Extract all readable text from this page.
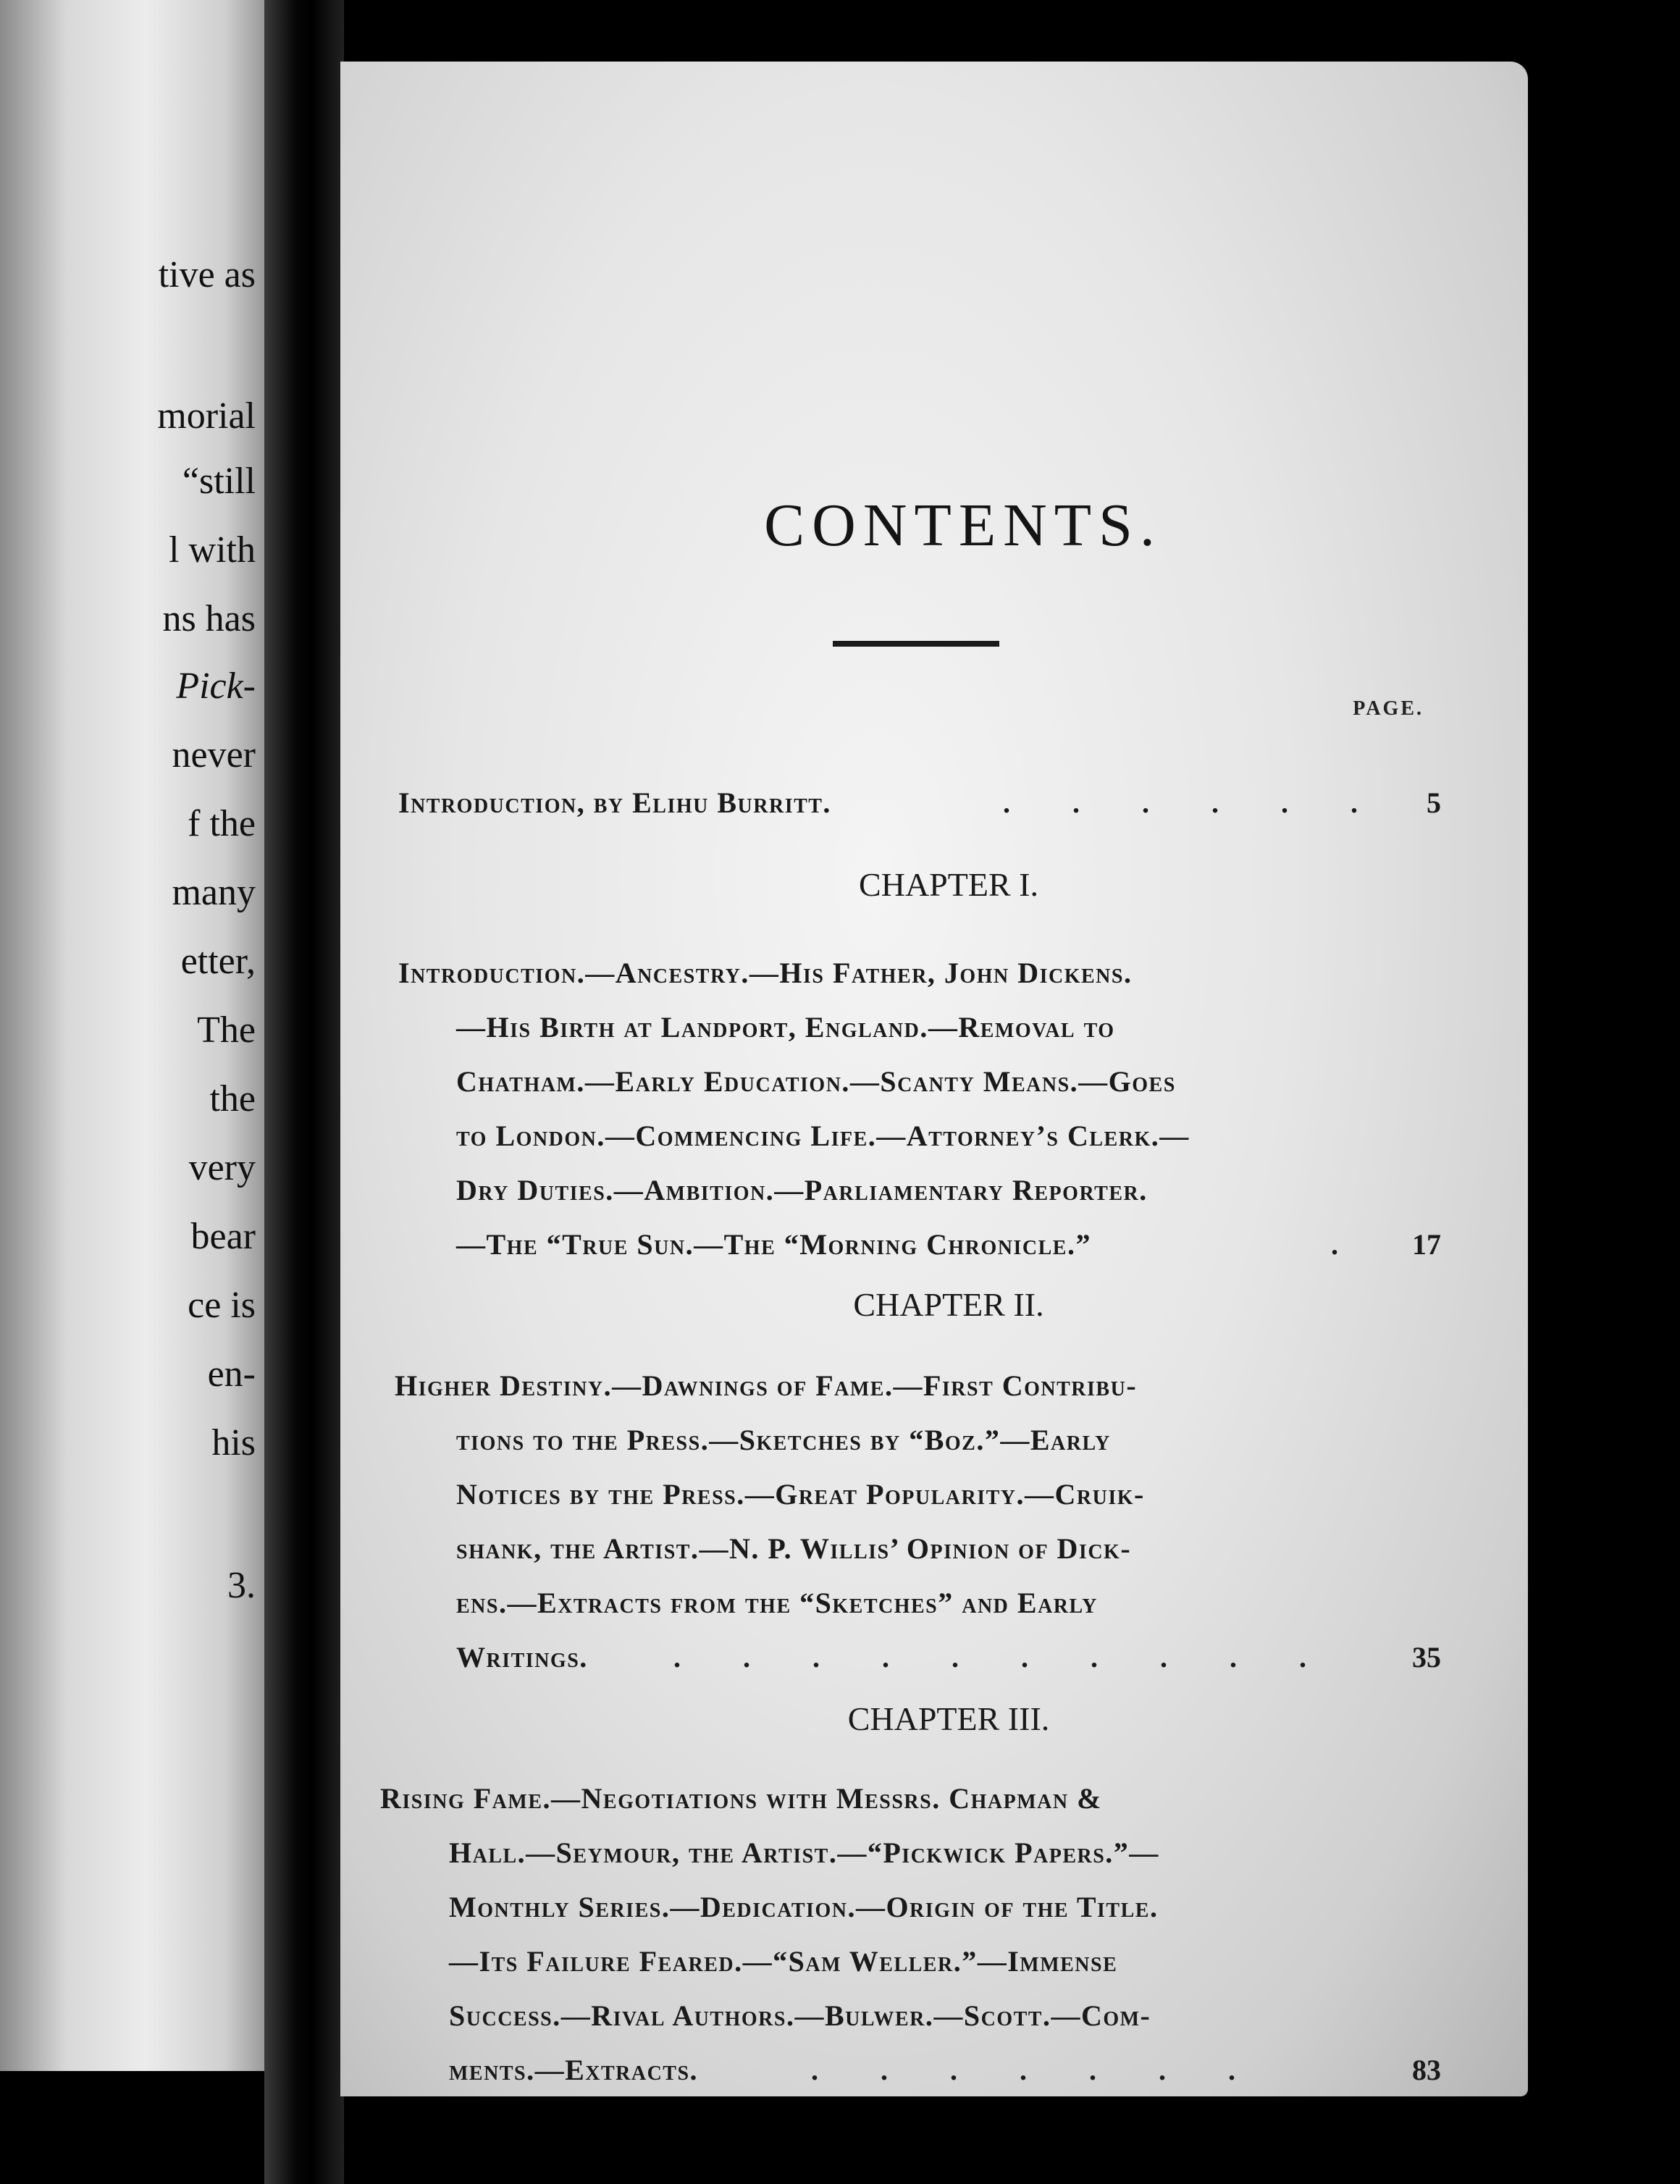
tive as
morial
“still
l with
ns has
Pick-
never
f the
many
etter,
The
the
very
bear
ce is
en-
his
3.
CONTENTS.
PAGE.
Introduction, by Elihu Burritt.	. . . . . . 5
CHAPTER I.
Introduction.—Ancestry.—His Father, John Dickens.
—His Birth at Landport, England.—Removal to
Chatham.—Early Education.—Scanty Means.—Goes
to London.—Commencing Life.—Attorney’s Clerk.—
Dry Duties.—Ambition.—Parliamentary Reporter.
—The “True Sun.—The “Morning Chronicle.”	. 17
CHAPTER II.
Higher Destiny.—Dawnings of Fame.—First Contribu-
tions to the Press.—Sketches by “Boz.”—Early
Notices by the Press.—Great Popularity.—Cruik-
shank, the Artist.—N. P. Willis’ Opinion of Dick-
ens.—Extracts from the “Sketches” and Early
Writings.	. . . . . . . . . .	35
CHAPTER III.
Rising Fame.—Negotiations with Messrs. Chapman &
Hall.—Seymour, the Artist.—“Pickwick Papers.”—
Monthly Series.—Dedication.—Origin of the Title.
—Its Failure Feared.—“Sam Weller.”—Immense
Success.—Rival Authors.—Bulwer.—Scott.—Com-
ments.—Extracts.	. . . . . . .	83
